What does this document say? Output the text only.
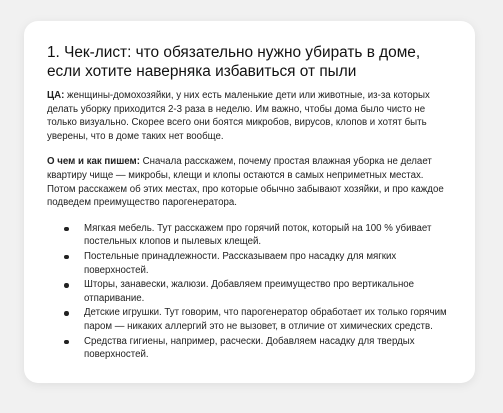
1. Чек-лист: что обязательно нужно убирать в доме, если хотите наверняка избавиться от пыли

ЦА: женщины-домохозяйки, у них есть маленькие дети или животные, из-за которых делать уборку приходится 2-3 раза в неделю. Им важно, чтобы дома было чисто не только визуально. Скорее всего они боятся микробов, вирусов, клопов и хотят быть уверены, что в доме таких нет вообще.

О чем и как пишем: Сначала расскажем, почему простая влажная уборка не делает квартиру чище — микробы, клещи и клопы остаются в самых неприметных местах. Потом расскажем об этих местах, про которые обычно забывают хозяйки, и про каждое подведем преимущество парогенератора.

Мягкая мебель. Тут расскажем про горячий поток, который на 100 % убивает постельных клопов и пылевых клещей.
Постельные принадлежности. Рассказываем про насадку для мягких поверхностей.
Шторы, занавески, жалюзи. Добавляем преимущество про вертикальное отпаривание.
Детские игрушки. Тут говорим, что парогенератор обработает их только горячим паром — никаких аллергий это не вызовет, в отличие от химических средств.
Средства гигиены, например, расчески. Добавляем насадку для твердых поверхностей.
